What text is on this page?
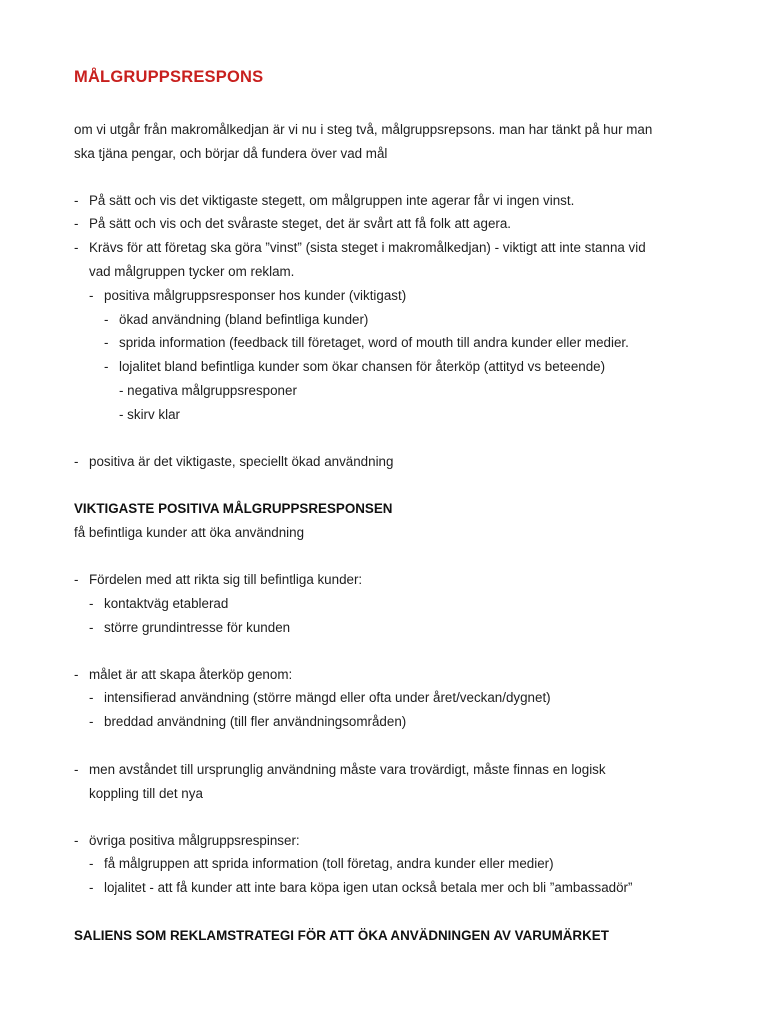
MÅLGRUPPSRESPONS
om vi utgår från makromålkedjan är vi nu i steg två, målgruppsrepsons. man har tänkt på hur man
ska tjäna pengar, och börjar då fundera över vad mål
- På sätt och vis det viktigaste stegett, om målgruppen inte agerar får vi ingen vinst.
- På sätt och vis och det svåraste steget, det är svårt att få folk att agera.
- Krävs för att företag ska göra ”vinst” (sista steget i makromålkedjan) - viktigt att inte stanna vid
vad målgruppen tycker om reklam.
- positiva målgruppsresponser hos kunder (viktigast)
- ökad användning (bland befintliga kunder)
- sprida information (feedback till företaget, word of mouth till andra kunder eller medier.
- lojalitet bland befintliga kunder som ökar chansen för återköp (attityd vs beteende)
- negativa målgruppsresponer
- skirv klar
- positiva är det viktigaste, speciellt ökad användning
VIKTIGASTE POSITIVA MÅLGRUPPSRESPONSEN
få befintliga kunder att öka användning
- Fördelen med att rikta sig till befintliga kunder:
- kontaktväg etablerad
- större grundintresse för kunden
- målet är att skapa återköp genom:
- intensifierad användning (större mängd eller ofta under året/veckan/dygnet)
- breddad användning (till fler användningsområden)
- men avståndet till ursprunglig användning måste vara trovärdigt, måste finnas en logisk
koppling till det nya
- övriga positiva målgruppsrespinser:
- få målgruppen att sprida information (toll företag, andra kunder eller medier)
- lojalitet - att få kunder att inte bara köpa igen utan också betala mer och bli ”ambassadör”
SALIENS SOM REKLAMSTRATEGI FÖR ATT ÖKA ANVÄDNINGEN AV VARUMÄRKET
